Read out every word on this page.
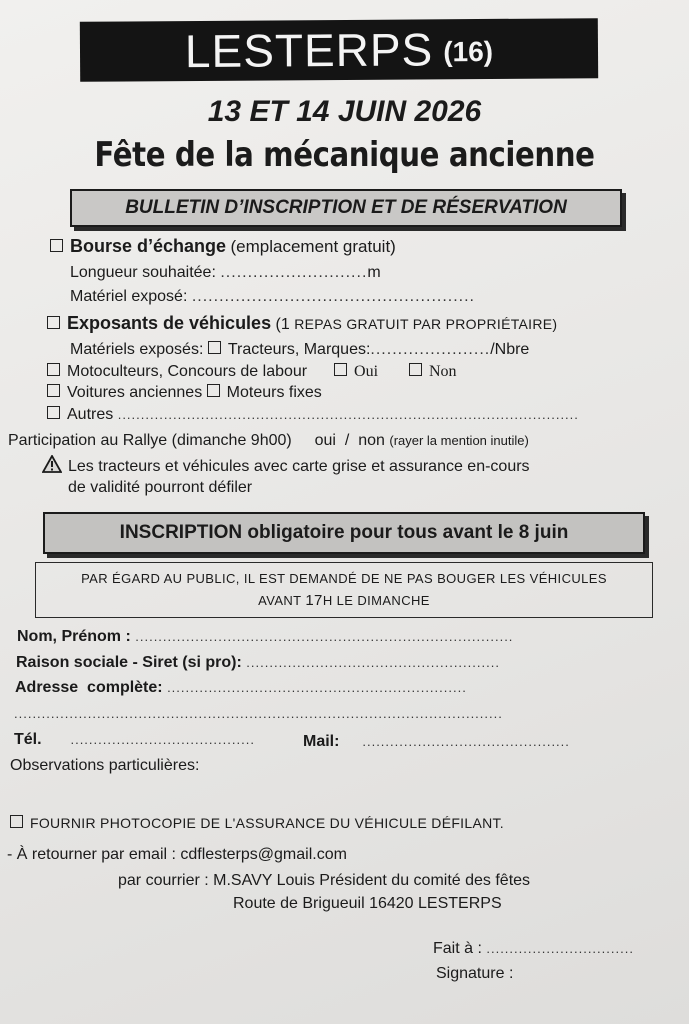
LESTERPS (16)
13 ET 14 JUIN 2026
Fête de la mécanique ancienne
BULLETIN D’INSCRIPTION ET DE RÉSERVATION
Bourse d’échange (emplacement gratuit)
Longueur souhaitée: ...........................m
Matériel exposé: ....................................................
Exposants de véhicules (1 REPAS GRATUIT PAR PROPRIÉTAIRE)
Matériels exposés: Tracteurs, Marques:....................../Nbre
Motoculteurs, Concours de labour	Oui	Non
Voitures anciennes Moteurs fixes
Autres ....................................................................................................
Participation au Rallye (dimanche 9h00) oui  /  non (rayer la mention inutile)
Les tracteurs et véhicules avec carte grise et assurance en-cours
de validité pourront défiler
INSCRIPTION
obligatoire pour tous avant le 8 juin
PAR ÉGARD AU PUBLIC, IL EST DEMANDÉ DE NE PAS BOUGER LES VÉHICULES
AVANT 17H LE DIMANCHE
Nom, Prénom : ..................................................................................
Raison sociale - Siret (si pro): .......................................................
Adresse  complète: .................................................................
..........................................................................................................
Tél. ........................................	Mail: .............................................
Observations particulières:
FOURNIR PHOTOCOPIE DE L'ASSURANCE DU VÉHICULE DÉFILANT.
- À retourner par email : cdflesterps@gmail.com
par courrier : M.SAVY Louis Président du comité des fêtes
Route de Brigueuil 16420 LESTERPS
Fait à : ................................
Signature :
